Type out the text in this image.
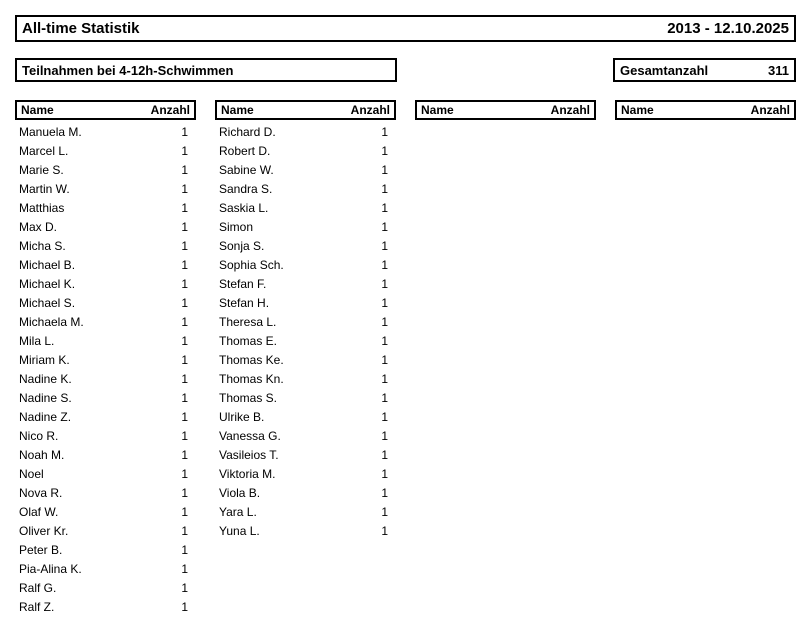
All-time Statistik	2013 - 12.10.2025
Teilnahmen bei 4-12h-Schwimmen	Gesamtanzahl	311
Name	Anzahl
Manuela M.	1
Marcel L.	1
Marie S.	1
Martin W.	1
Matthias	1
Max D.	1
Micha S.	1
Michael B.	1
Michael K.	1
Michael S.	1
Michaela M.	1
Mila L.	1
Miriam K.	1
Nadine K.	1
Nadine S.	1
Nadine Z.	1
Nico R.	1
Noah M.	1
Noel	1
Nova R.	1
Olaf W.	1
Oliver Kr.	1
Peter B.	1
Pia-Alina K.	1
Ralf G.	1
Ralf Z.	1
Name	Anzahl
Richard D.	1
Robert D.	1
Sabine W.	1
Sandra S.	1
Saskia L.	1
Simon	1
Sonja S.	1
Sophia Sch.	1
Stefan F.	1
Stefan H.	1
Theresa L.	1
Thomas E.	1
Thomas Ke.	1
Thomas Kn.	1
Thomas S.	1
Ulrike B.	1
Vanessa G.	1
Vasileios T.	1
Viktoria M.	1
Viola B.	1
Yara L.	1
Yuna L.	1
Name	Anzahl	Name	Anzahl
